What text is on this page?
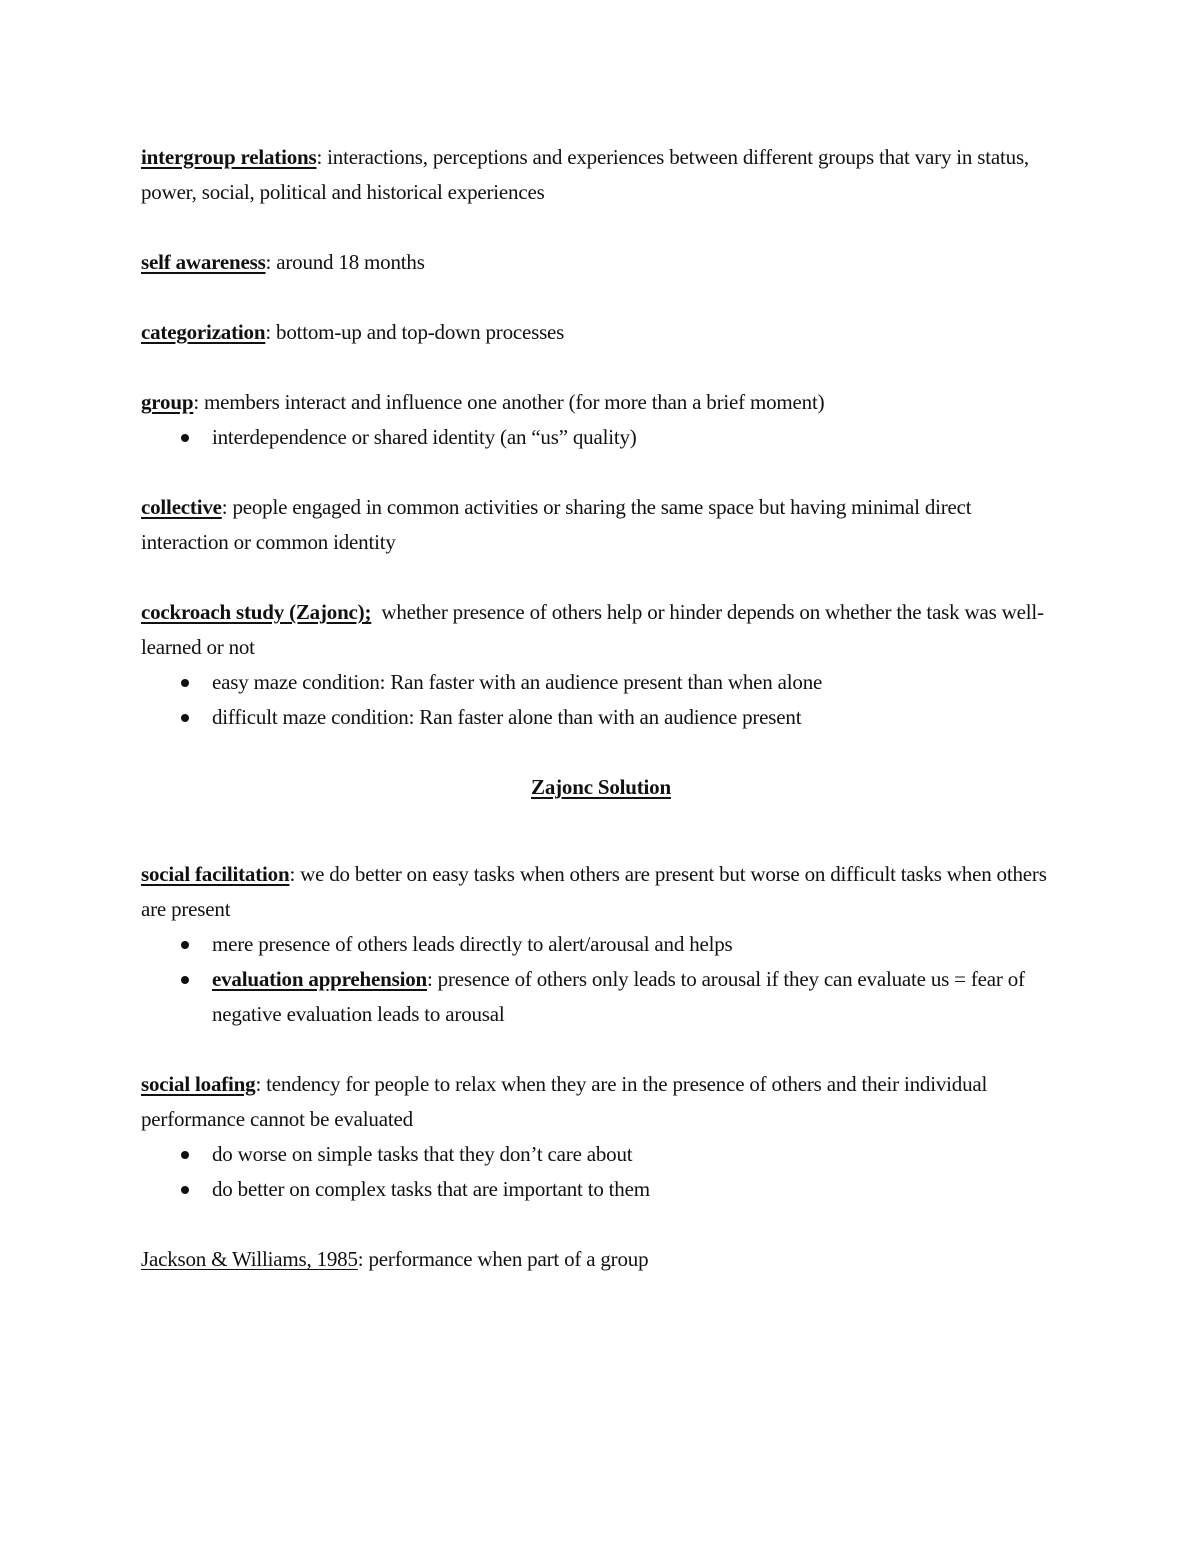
intergroup relations: interactions, perceptions and experiences between different groups that vary in status, power, social, political and historical experiences

self awareness: around 18 months

categorization: bottom-up and top-down processes

group: members interact and influence one another (for more than a brief moment)

interdependence or shared identity (an “us” quality)

collective: people engaged in common activities or sharing the same space but having minimal direct interaction or common identity

cockroach study (Zajonc);  whether presence of others help or hinder depends on whether the task was well-learned or not

easy maze condition: Ran faster with an audience present than when alone
difficult maze condition: Ran faster alone than with an audience present

Zajonc Solution

social facilitation: we do better on easy tasks when others are present but worse on difficult tasks when others are present

mere presence of others leads directly to alert/arousal and helps
evaluation apprehension: presence of others only leads to arousal if they can evaluate us = fear of negative evaluation leads to arousal

social loafing: tendency for people to relax when they are in the presence of others and their individual performance cannot be evaluated

do worse on simple tasks that they don’t care about
do better on complex tasks that are important to them

Jackson & Williams, 1985: performance when part of a group
